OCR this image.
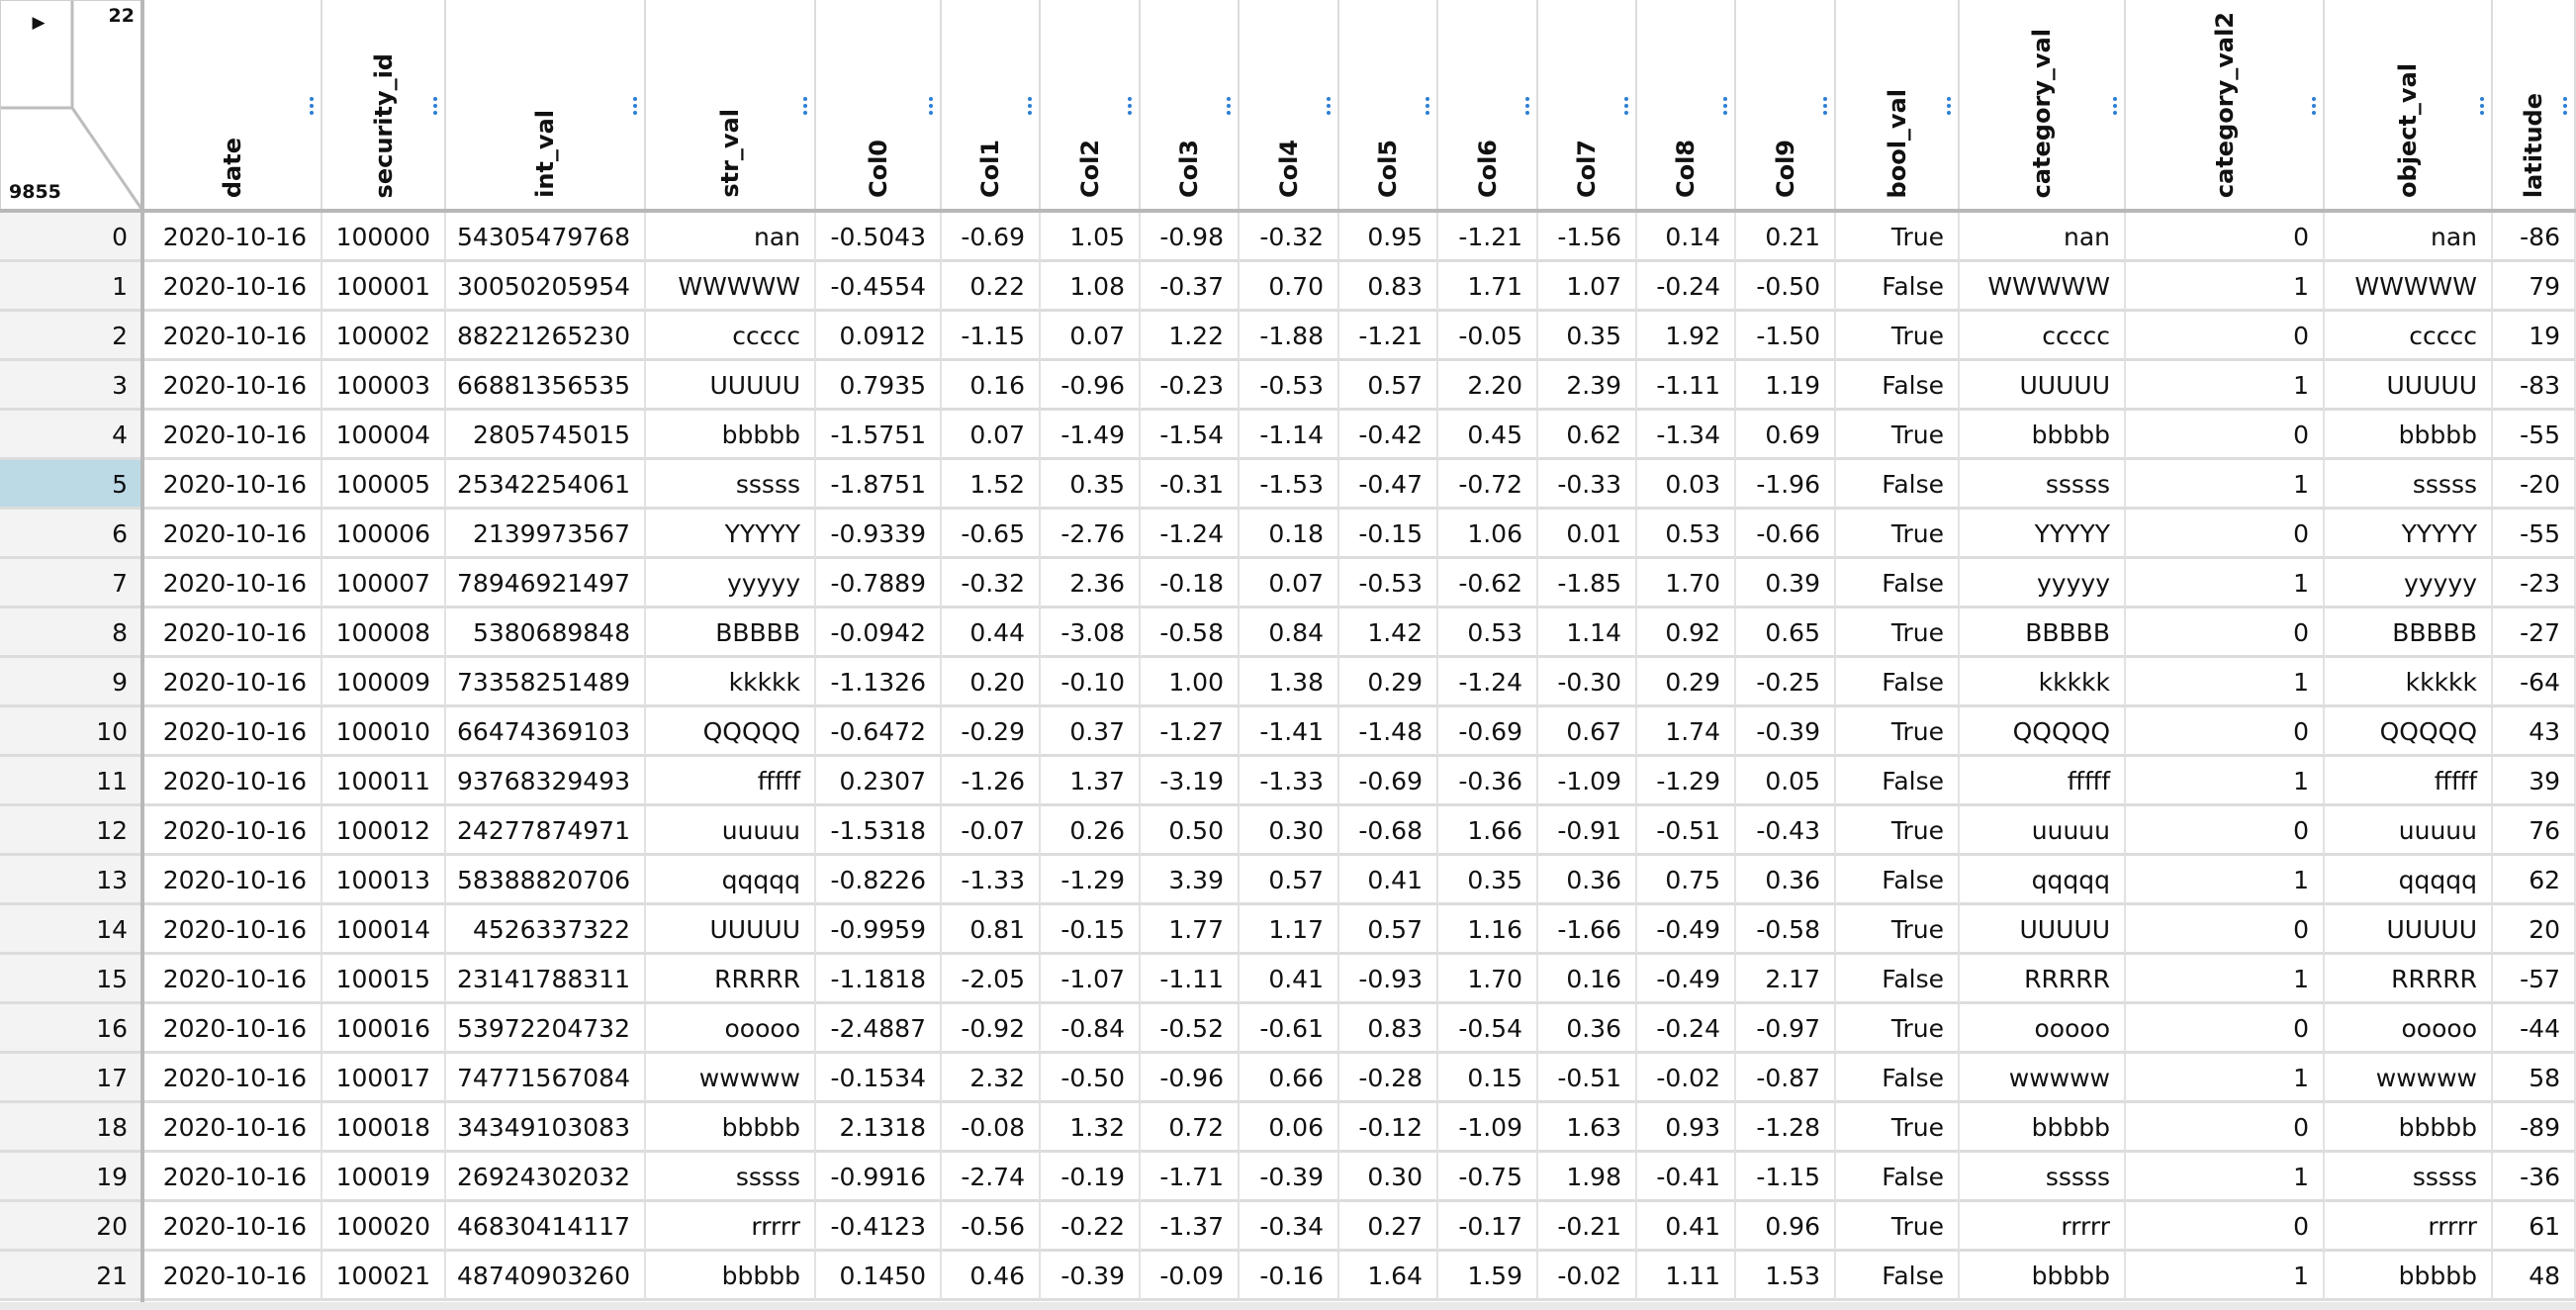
▶	22
9855	date	security_id	int_val	str_val	Col0	Col1	Col2	Col3	Col4	Col5	Col6	Col7	Col8	Col9	bool_val	category_val	category_val2	object_val	latitude
0	2020-10-16	100000	54305479768	nan	-0.5043	-0.69	1.05	-0.98	-0.32	0.95	-1.21	-1.56	0.14	0.21	True	nan	0	nan	-86
1	2020-10-16	100001	30050205954	WWWWW	-0.4554	0.22	1.08	-0.37	0.70	0.83	1.71	1.07	-0.24	-0.50	False	WWWWW	1	WWWWW	79
2	2020-10-16	100002	88221265230	ccccc	0.0912	-1.15	0.07	1.22	-1.88	-1.21	-0.05	0.35	1.92	-1.50	True	ccccc	0	ccccc	19
3	2020-10-16	100003	66881356535	UUUUU	0.7935	0.16	-0.96	-0.23	-0.53	0.57	2.20	2.39	-1.11	1.19	False	UUUUU	1	UUUUU	-83
4	2020-10-16	100004	2805745015	bbbbb	-1.5751	0.07	-1.49	-1.54	-1.14	-0.42	0.45	0.62	-1.34	0.69	True	bbbbb	0	bbbbb	-55
5	2020-10-16	100005	25342254061	sssss	-1.8751	1.52	0.35	-0.31	-1.53	-0.47	-0.72	-0.33	0.03	-1.96	False	sssss	1	sssss	-20
6	2020-10-16	100006	2139973567	YYYYY	-0.9339	-0.65	-2.76	-1.24	0.18	-0.15	1.06	0.01	0.53	-0.66	True	YYYYY	0	YYYYY	-55
7	2020-10-16	100007	78946921497	yyyyy	-0.7889	-0.32	2.36	-0.18	0.07	-0.53	-0.62	-1.85	1.70	0.39	False	yyyyy	1	yyyyy	-23
8	2020-10-16	100008	5380689848	BBBBB	-0.0942	0.44	-3.08	-0.58	0.84	1.42	0.53	1.14	0.92	0.65	True	BBBBB	0	BBBBB	-27
9	2020-10-16	100009	73358251489	kkkkk	-1.1326	0.20	-0.10	1.00	1.38	0.29	-1.24	-0.30	0.29	-0.25	False	kkkkk	1	kkkkk	-64
10	2020-10-16	100010	66474369103	QQQQQ	-0.6472	-0.29	0.37	-1.27	-1.41	-1.48	-0.69	0.67	1.74	-0.39	True	QQQQQ	0	QQQQQ	43
11	2020-10-16	100011	93768329493	fffff	0.2307	-1.26	1.37	-3.19	-1.33	-0.69	-0.36	-1.09	-1.29	0.05	False	fffff	1	fffff	39
12	2020-10-16	100012	24277874971	uuuuu	-1.5318	-0.07	0.26	0.50	0.30	-0.68	1.66	-0.91	-0.51	-0.43	True	uuuuu	0	uuuuu	76
13	2020-10-16	100013	58388820706	qqqqq	-0.8226	-1.33	-1.29	3.39	0.57	0.41	0.35	0.36	0.75	0.36	False	qqqqq	1	qqqqq	62
14	2020-10-16	100014	4526337322	UUUUU	-0.9959	0.81	-0.15	1.77	1.17	0.57	1.16	-1.66	-0.49	-0.58	True	UUUUU	0	UUUUU	20
15	2020-10-16	100015	23141788311	RRRRR	-1.1818	-2.05	-1.07	-1.11	0.41	-0.93	1.70	0.16	-0.49	2.17	False	RRRRR	1	RRRRR	-57
16	2020-10-16	100016	53972204732	ooooo	-2.4887	-0.92	-0.84	-0.52	-0.61	0.83	-0.54	0.36	-0.24	-0.97	True	ooooo	0	ooooo	-44
17	2020-10-16	100017	74771567084	wwwww	-0.1534	2.32	-0.50	-0.96	0.66	-0.28	0.15	-0.51	-0.02	-0.87	False	wwwww	1	wwwww	58
18	2020-10-16	100018	34349103083	bbbbb	2.1318	-0.08	1.32	0.72	0.06	-0.12	-1.09	1.63	0.93	-1.28	True	bbbbb	0	bbbbb	-89
19	2020-10-16	100019	26924302032	sssss	-0.9916	-2.74	-0.19	-1.71	-0.39	0.30	-0.75	1.98	-0.41	-1.15	False	sssss	1	sssss	-36
20	2020-10-16	100020	46830414117	rrrrr	-0.4123	-0.56	-0.22	-1.37	-0.34	0.27	-0.17	-0.21	0.41	0.96	True	rrrrr	0	rrrrr	61
21	2020-10-16	100021	48740903260	bbbbb	0.1450	0.46	-0.39	-0.09	-0.16	1.64	1.59	-0.02	1.11	1.53	False	bbbbb	1	bbbbb	48
